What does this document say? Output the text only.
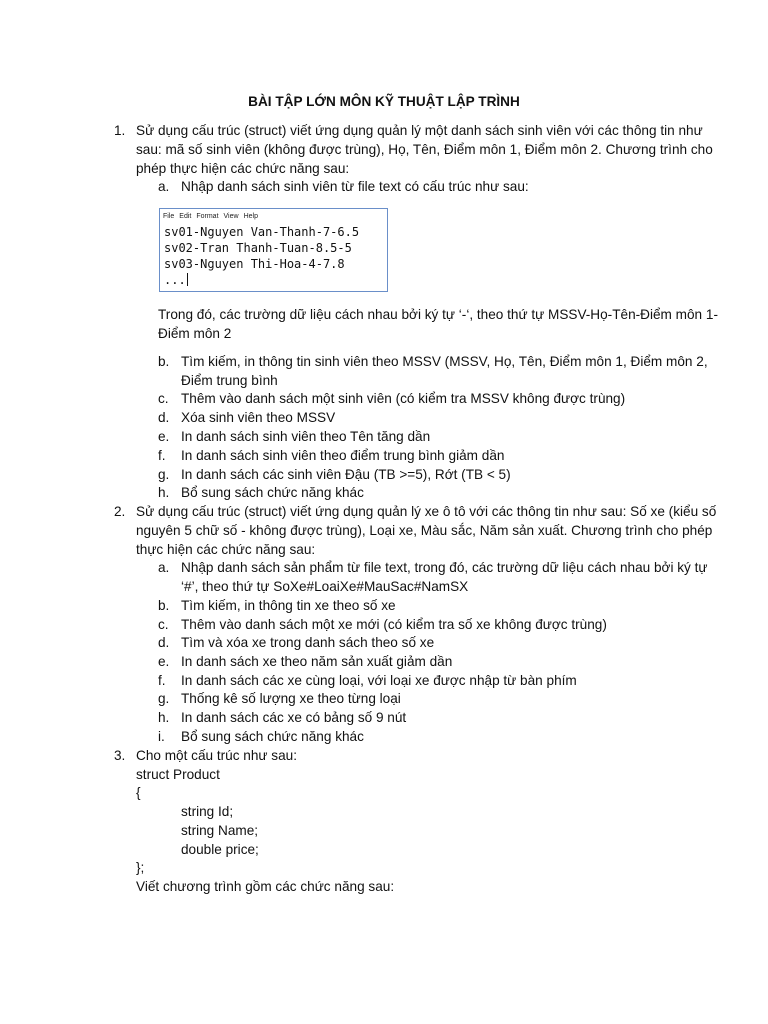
BÀI TẬP LỚN MÔN KỸ THUẬT LẬP TRÌNH
1. Sử dụng cấu trúc (struct) viết ứng dụng quản lý một danh sách sinh viên với các thông tin như
sau: mã số sinh viên (không được trùng), Họ, Tên, Điểm môn 1, Điểm môn 2. Chương trình cho
phép thực hiện các chức năng sau:
a. Nhập danh sách sinh viên từ file text có cấu trúc như sau:
File Edit Format View Help
sv01-Nguyen Van-Thanh-7-6.5
sv02-Tran Thanh-Tuan-8.5-5
sv03-Nguyen Thi-Hoa-4-7.8
...
Trong đó, các trường dữ liệu cách nhau bởi ký tự ‘-‘, theo thứ tự MSSV-Họ-Tên-Điểm môn 1-
Điểm môn 2
b. Tìm kiếm, in thông tin sinh viên theo MSSV (MSSV, Họ, Tên, Điểm môn 1, Điểm môn 2,
Điểm trung bình
c. Thêm vào danh sách một sinh viên (có kiểm tra MSSV không được trùng)
d. Xóa sinh viên theo MSSV
e. In danh sách sinh viên theo Tên tăng dần
f. In danh sách sinh viên theo điểm trung bình giảm dần
g. In danh sách các sinh viên Đậu (TB >=5), Rớt (TB < 5)
h. Bổ sung sách chức năng khác
2. Sử dụng cấu trúc (struct) viết ứng dụng quản lý xe ô tô với các thông tin như sau: Số xe (kiểu số
nguyên 5 chữ số - không được trùng), Loại xe, Màu sắc, Năm sản xuất. Chương trình cho phép
thực hiện các chức năng sau:
a. Nhập danh sách sản phẩm từ file text, trong đó, các trường dữ liệu cách nhau bởi ký tự
‘#’, theo thứ tự SoXe#LoaiXe#MauSac#NamSX
b. Tìm kiếm, in thông tin xe theo số xe
c. Thêm vào danh sách một xe mới (có kiểm tra số xe không được trùng)
d. Tìm và xóa xe trong danh sách theo số xe
e. In danh sách xe theo năm sản xuất giảm dần
f. In danh sách các xe cùng loại, với loại xe được nhập từ bàn phím
g. Thống kê số lượng xe theo từng loại
h. In danh sách các xe có bảng số 9 nút
i. Bổ sung sách chức năng khác
3. Cho một cấu trúc như sau:
struct Product
{
string Id;
string Name;
double price;
};
Viết chương trình gồm các chức năng sau:
